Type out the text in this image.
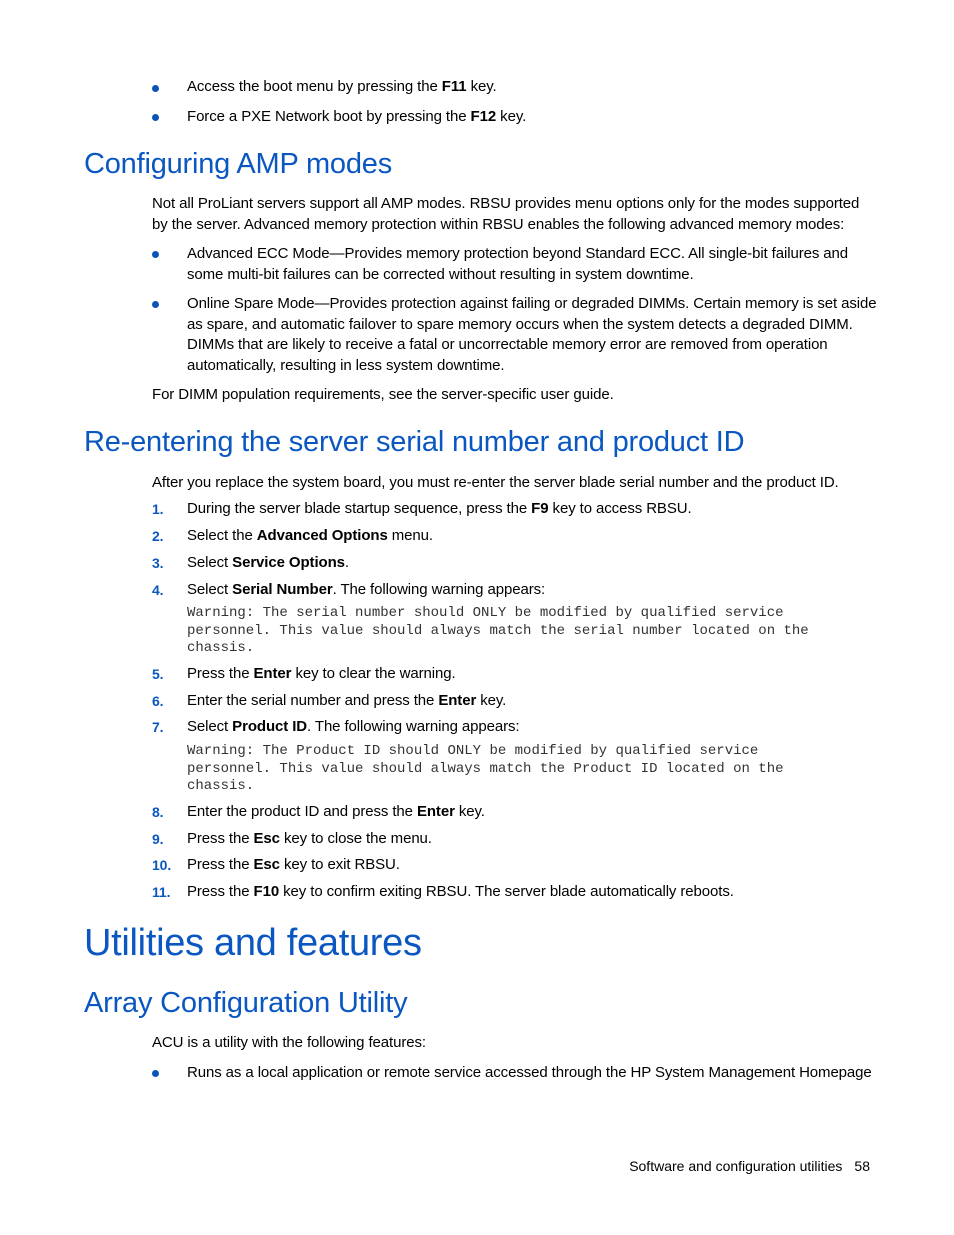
Access the boot menu by pressing the F11 key.
Force a PXE Network boot by pressing the F12 key.
Configuring AMP modes
Not all ProLiant servers support all AMP modes. RBSU provides menu options only for the modes supported by the server. Advanced memory protection within RBSU enables the following advanced memory modes:
Advanced ECC Mode—Provides memory protection beyond Standard ECC. All single-bit failures and some multi-bit failures can be corrected without resulting in system downtime.
Online Spare Mode—Provides protection against failing or degraded DIMMs. Certain memory is set aside as spare, and automatic failover to spare memory occurs when the system detects a degraded DIMM. DIMMs that are likely to receive a fatal or uncorrectable memory error are removed from operation automatically, resulting in less system downtime.
For DIMM population requirements, see the server-specific user guide.
Re-entering the server serial number and product ID
After you replace the system board, you must re-enter the server blade serial number and the product ID.
1. During the server blade startup sequence, press the F9 key to access RBSU.
2. Select the Advanced Options menu.
3. Select Service Options.
4. Select Serial Number. The following warning appears:
Warning: The serial number should ONLY be modified by qualified service
personnel. This value should always match the serial number located on the
chassis.
5. Press the Enter key to clear the warning.
6. Enter the serial number and press the Enter key.
7. Select Product ID. The following warning appears:
Warning: The Product ID should ONLY be modified by qualified service
personnel. This value should always match the Product ID located on the
chassis.
8. Enter the product ID and press the Enter key.
9. Press the Esc key to close the menu.
10. Press the Esc key to exit RBSU.
11. Press the F10 key to confirm exiting RBSU. The server blade automatically reboots.
Utilities and features
Array Configuration Utility
ACU is a utility with the following features:
Runs as a local application or remote service accessed through the HP System Management Homepage
Software and configuration utilities 58
